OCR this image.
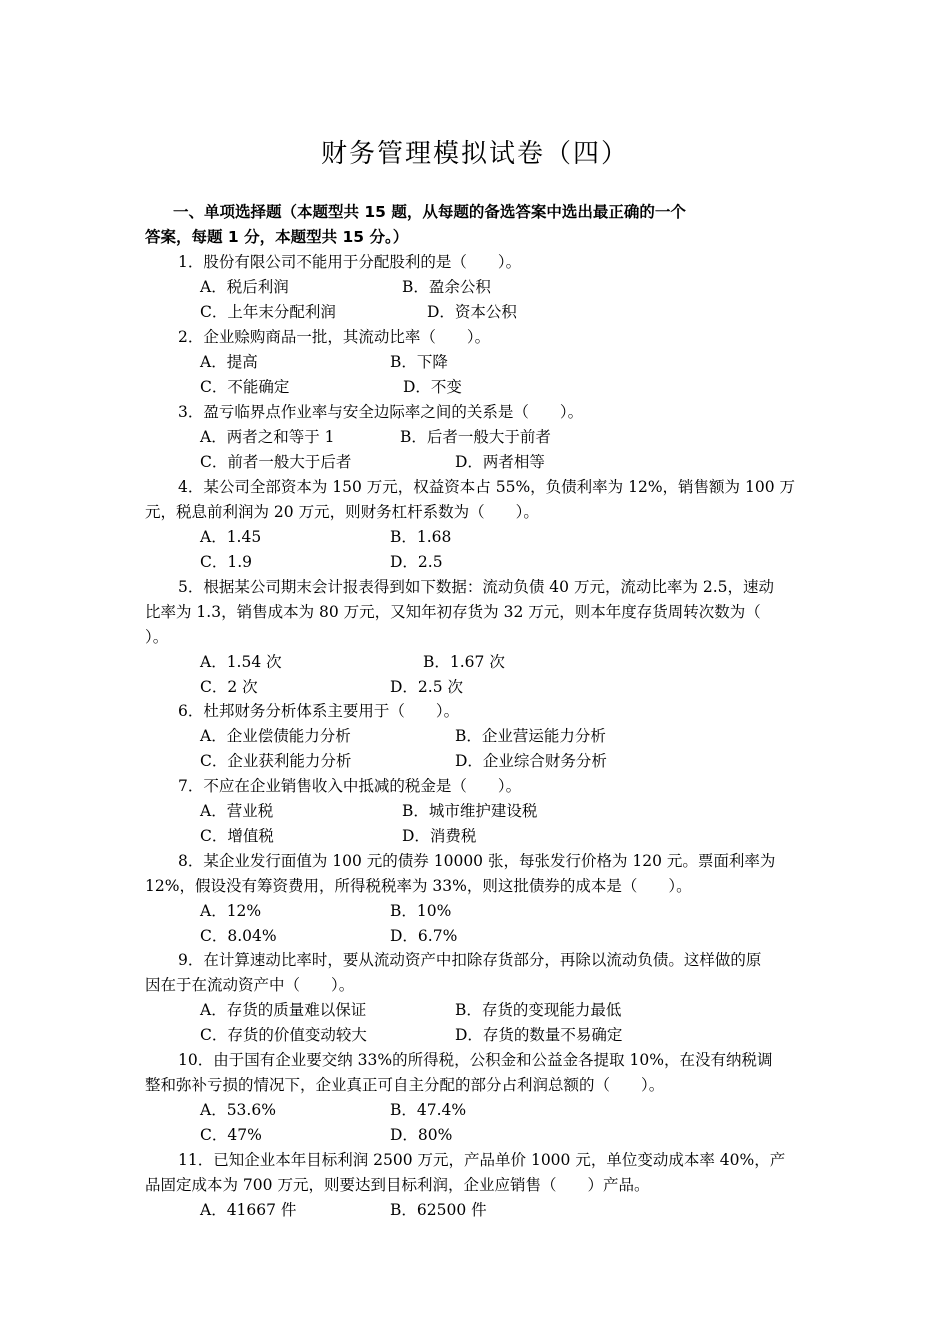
财务管理模拟试卷（四）
一、单项选择题（本题型共 15 题，从每题的备选答案中选出最正确的一个
答案，每题 1 分，本题型共 15 分。）
1．股份有限公司不能用于分配股利的是（　　）。
A．税后利润	B．盈余公积
C．上年末分配利润	D．资本公积
2．企业赊购商品一批，其流动比率（　　）。
A．提高	B．下降
C．不能确定	D．不变
3．盈亏临界点作业率与安全边际率之间的关系是（　　）。
A．两者之和等于 1	B．后者一般大于前者
C．前者一般大于后者	D．两者相等
4．某公司全部资本为 150 万元，权益资本占 55%，负债利率为 12%，销售额为 100 万
元，税息前利润为 20 万元，则财务杠杆系数为（　　）。
A．1.45	B．1.68
C．1.9	D．2.5
5．根据某公司期末会计报表得到如下数据：流动负债 40 万元，流动比率为 2.5，速动
比率为 1.3，销售成本为 80 万元，又知年初存货为 32 万元，则本年度存货周转次数为（
）。
A．1.54 次	B．1.67 次
C．2 次	D．2.5 次
6．杜邦财务分析体系主要用于（　　）。
A．企业偿债能力分析	B．企业营运能力分析
C．企业获利能力分析	D．企业综合财务分析
7．不应在企业销售收入中抵减的税金是（　　）。
A．营业税	B．城市维护建设税
C．增值税	D．消费税
8．某企业发行面值为 100 元的债券 10000 张，每张发行价格为 120 元。票面利率为
12%，假设没有筹资费用，所得税税率为 33%，则这批债券的成本是（　　）。
A．12%	B．10%
C．8.04%	D．6.7%
9．在计算速动比率时，要从流动资产中扣除存货部分，再除以流动负债。这样做的原
因在于在流动资产中（　　）。
A．存货的质量难以保证	B．存货的变现能力最低
C．存货的价值变动较大	D．存货的数量不易确定
10．由于国有企业要交纳 33%的所得税，公积金和公益金各提取 10%，在没有纳税调
整和弥补亏损的情况下，企业真正可自主分配的部分占利润总额的（　　）。
A．53.6%	B．47.4%
C．47%	D．80%
11．已知企业本年目标利润 2500 万元，产品单价 1000 元，单位变动成本率 40%，产
品固定成本为 700 万元，则要达到目标利润，企业应销售（　　）产品。
A．41667 件	B．62500 件
